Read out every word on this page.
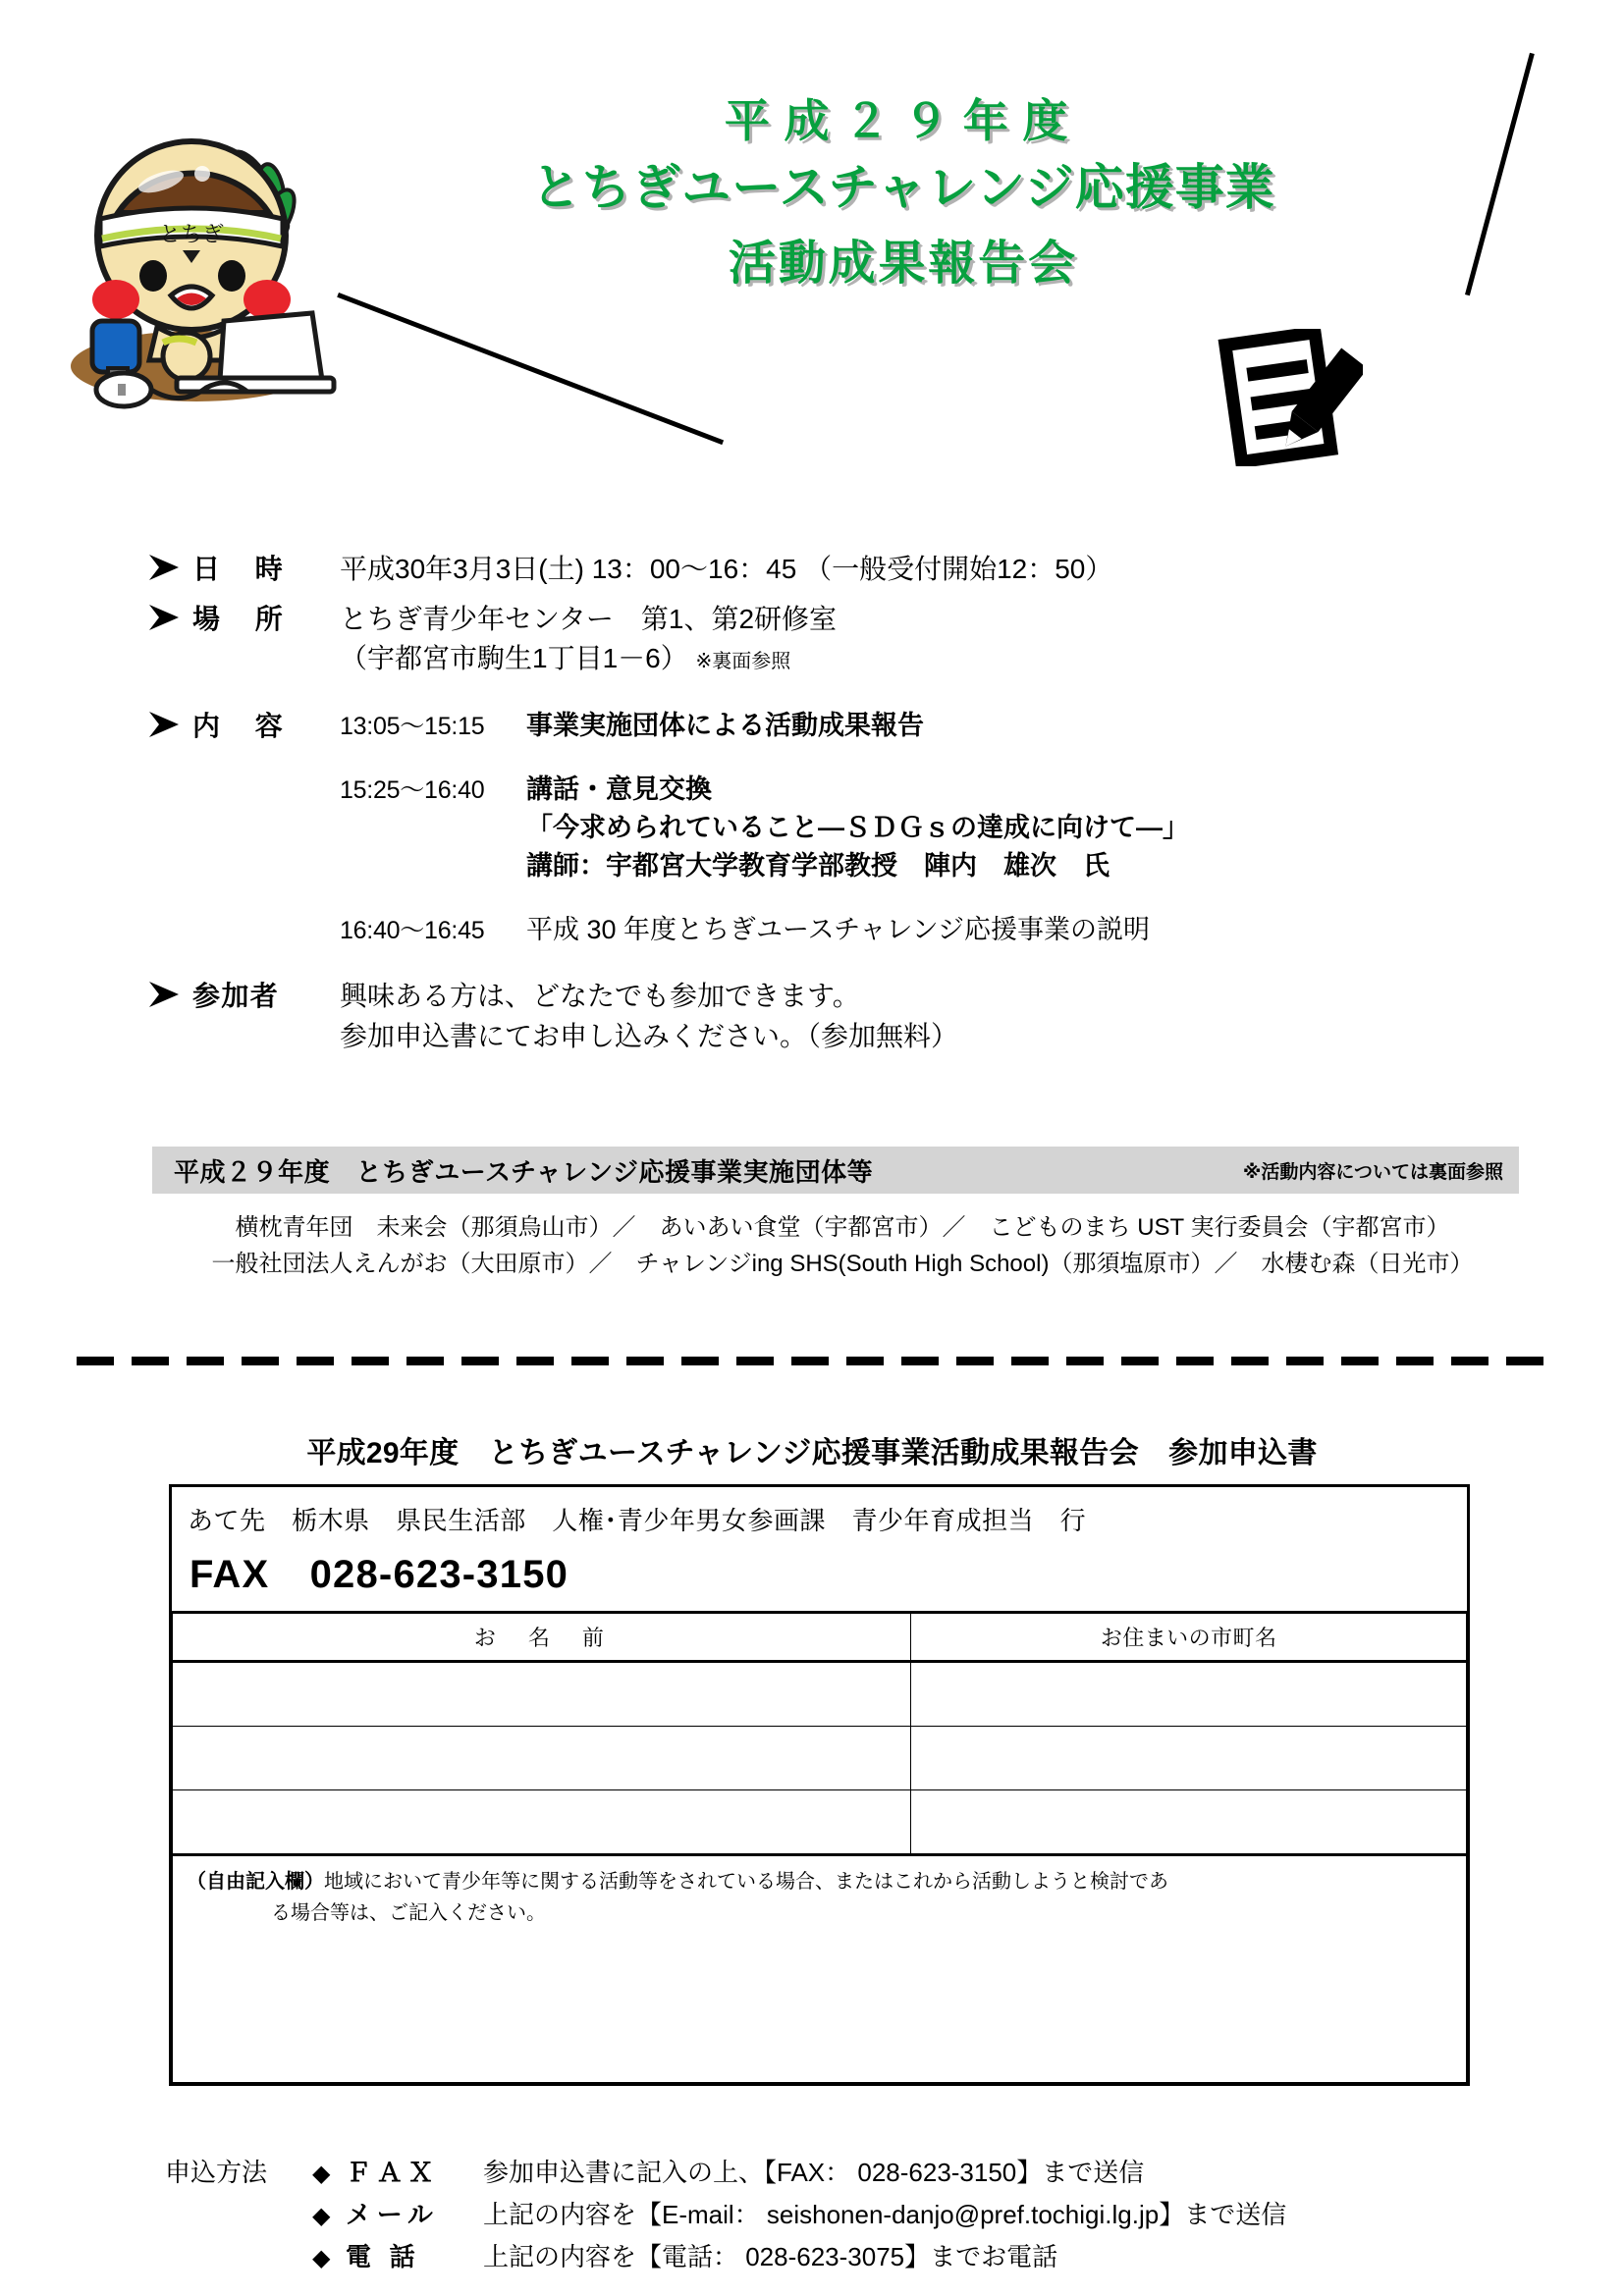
とちぎ
平成２９年度
とちぎユースチャレンジ応援事業
活動成果報告会
日 時	平成30年3月3日(土) 13：00〜16：45 （一般受付開始12：50）
場 所	とちぎ青少年センター　第1、第2研修室
（宇都宮市駒生1丁目1－6） ※裏面参照
内 容	13:05〜15:15 事業実施団体による活動成果報告
15:25〜16:40 講話・意見交換
「今求められていること―ＳＤＧｓの達成に向けて―」
講師：宇都宮大学教育学部教授　陣内　雄次　氏
16:40〜16:45 平成 30 年度とちぎユースチャレンジ応援事業の説明
参加者	興味ある方は、どなたでも参加できます。
参加申込書にてお申し込みください。（参加無料）
平成２９年度　とちぎユースチャレンジ応援事業実施団体等	※活動内容については裏面参照
横枕青年団　未来会（那須烏山市）／　あいあい食堂（宇都宮市）／　こどものまち UST 実行委員会（宇都宮市）
一般社団法人えんがお（大田原市）／　チャレンジing SHS(South High School)（那須塩原市）／　水棲む森（日光市）
平成29年度　とちぎユースチャレンジ応援事業活動成果報告会　参加申込書
あて先　栃木県　県民生活部　人権･青少年男女参画課　青少年育成担当　行
FAX　028-623-3150
お　名　前	お住まいの市町名

（自由記入欄）地域において青少年等に関する活動等をされている場合、またはこれから活動しようと検討であ
る場合等は、ご記入ください。	
申込方法	◆ ＦＡＸ	参加申込書に記入の上、【FAX： 028-623-3150】まで送信
◆ メール	上記の内容を【E-mail： seishonen-danjo@pref.tochigi.lg.jp】まで送信
◆ 電 話	上記の内容を【電話： 028-623-3075】までお電話
